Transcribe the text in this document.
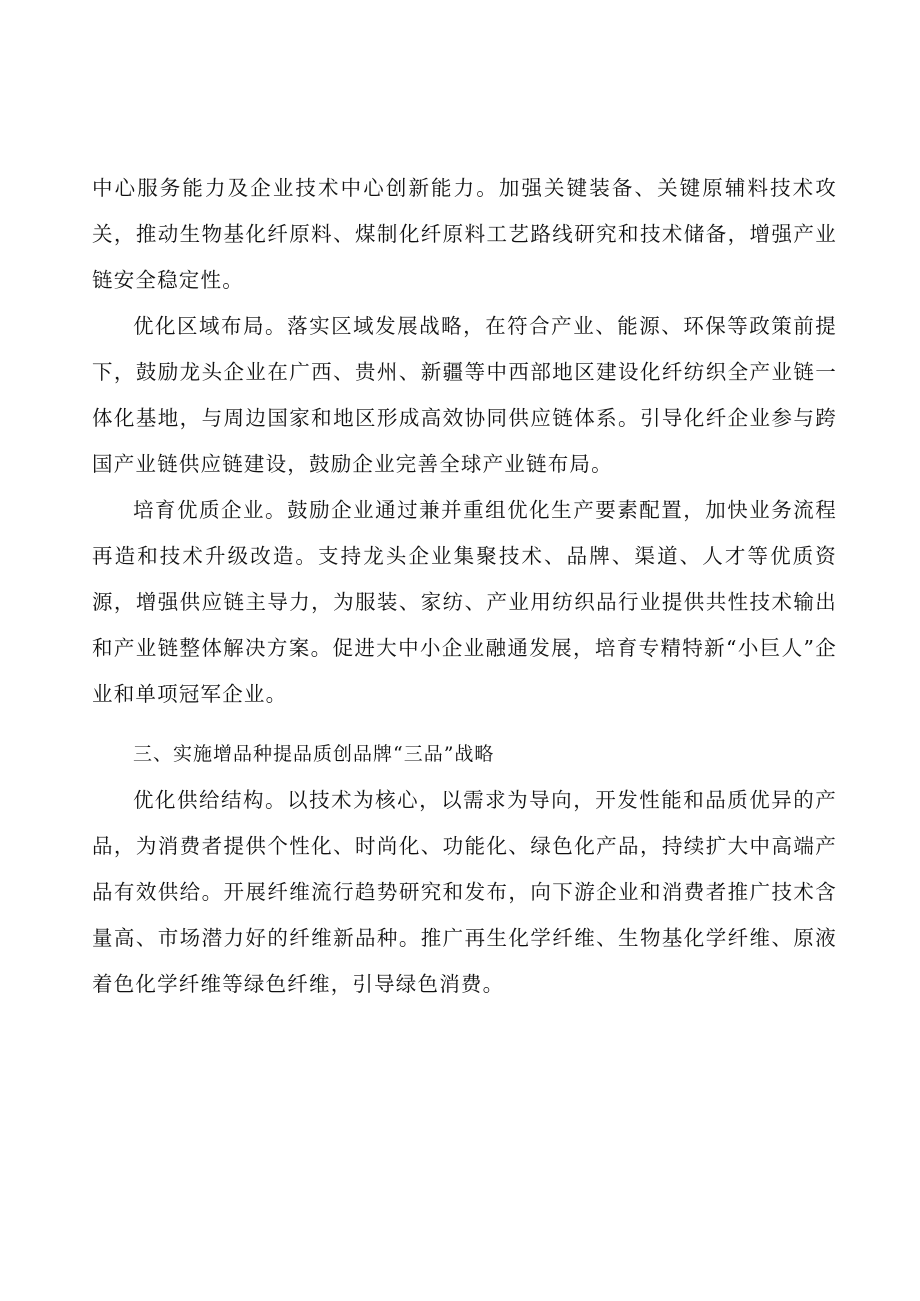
中心服务能力及企业技术中心创新能力。加强关键装备、关键原辅料技术攻关，推动生物基化纤原料、煤制化纤原料工艺路线研究和技术储备，增强产业链安全稳定性。

优化区域布局。落实区域发展战略，在符合产业、能源、环保等政策前提下，鼓励龙头企业在广西、贵州、新疆等中西部地区建设化纤纺织全产业链一体化基地，与周边国家和地区形成高效协同供应链体系。引导化纤企业参与跨国产业链供应链建设，鼓励企业完善全球产业链布局。

培育优质企业。鼓励企业通过兼并重组优化生产要素配置，加快业务流程再造和技术升级改造。支持龙头企业集聚技术、品牌、渠道、人才等优质资源，增强供应链主导力，为服装、家纺、产业用纺织品行业提供共性技术输出和产业链整体解决方案。促进大中小企业融通发展，培育专精特新“小巨人”企业和单项冠军企业。

三、实施增品种提品质创品牌“三品”战略

优化供给结构。以技术为核心，以需求为导向，开发性能和品质优异的产品，为消费者提供个性化、时尚化、功能化、绿色化产品，持续扩大中高端产品有效供给。开展纤维流行趋势研究和发布，向下游企业和消费者推广技术含量高、市场潜力好的纤维新品种。推广再生化学纤维、生物基化学纤维、原液着色化学纤维等绿色纤维，引导绿色消费。
